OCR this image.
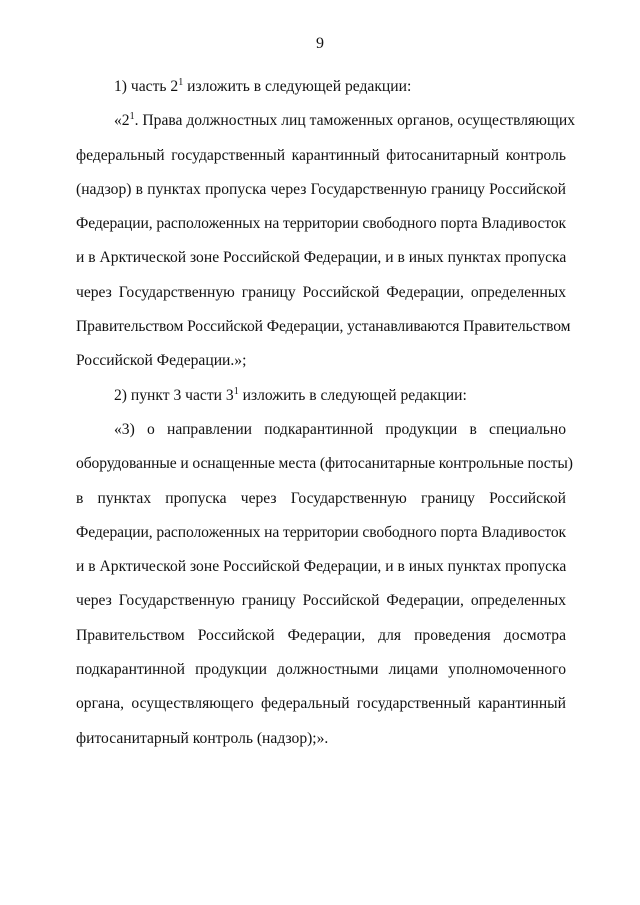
9
1) часть $2^1$ изложить в следующей редакции:
«$2^1$. Права должностных лиц таможенных органов, осуществляющих
федеральный государственный карантинный фитосанитарный контроль
(надзор) в пунктах пропуска через Государственную границу Российской
Федерации, расположенных на территории свободного порта Владивосток
и в Арктической зоне Российской Федерации, и в иных пунктах пропуска
через Государственную границу Российской Федерации, определенных
Правительством Российской Федерации, устанавливаются Правительством
Российской Федерации.»;
2) пункт 3 части $3^1$ изложить в следующей редакции:
«3) о направлении подкарантинной продукции в специально
оборудованные и оснащенные места (фитосанитарные контрольные посты)
в пунктах пропуска через Государственную границу Российской
Федерации, расположенных на территории свободного порта Владивосток
и в Арктической зоне Российской Федерации, и в иных пунктах пропуска
через Государственную границу Российской Федерации, определенных
Правительством Российской Федерации, для проведения досмотра
подкарантинной продукции должностными лицами уполномоченного
органа, осуществляющего федеральный государственный карантинный
фитосанитарный контроль (надзор);».
